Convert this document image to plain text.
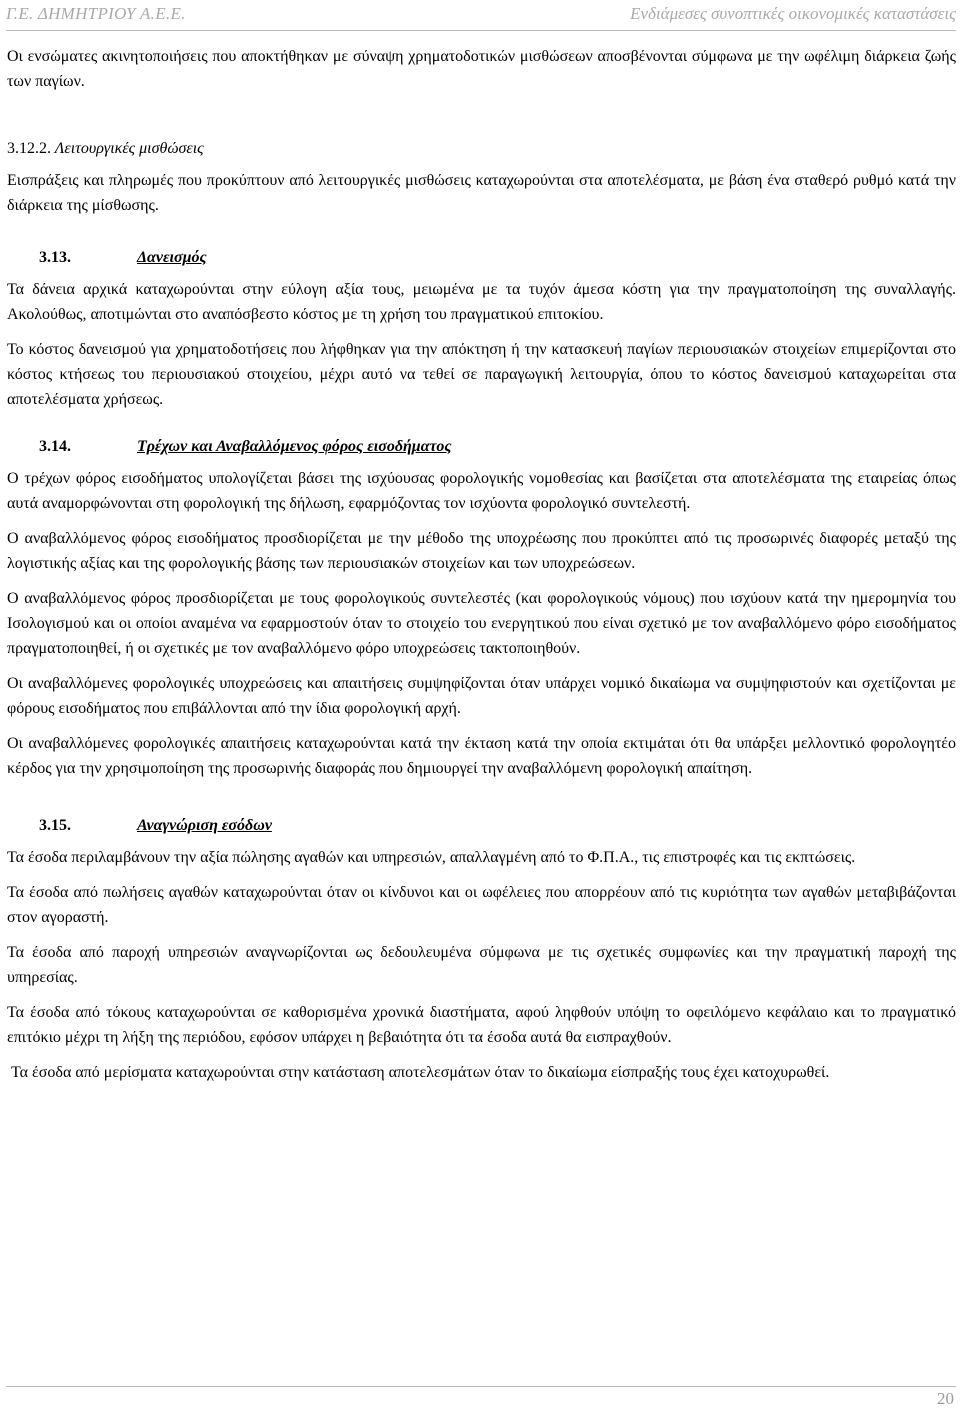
Γ.Ε. ΔΗΜΗΤΡΙΟΥ Α.Ε.Ε.	Ενδιάμεσες συνοπτικές οικονομικές καταστάσεις

Οι ενσώματες ακινητοποιήσεις που αποκτήθηκαν με σύναψη χρηματοδοτικών μισθώσεων αποσβένονται σύμφωνα με την ωφέλιμη διάρκεια ζωής των παγίων.

3.12.2. Λειτουργικές μισθώσεις

Εισπράξεις και πληρωμές που προκύπτουν από λειτουργικές μισθώσεις καταχωρούνται στα αποτελέσματα, με βάση ένα σταθερό ρυθμό κατά την διάρκεια της μίσθωσης.

3.13.	Δανεισμός

Τα δάνεια αρχικά καταχωρούνται στην εύλογη αξία τους, μειωμένα με τα τυχόν άμεσα κόστη για την πραγματοποίηση της συναλλαγής. Ακολούθως, αποτιμώνται στο αναπόσβεστο κόστος με τη χρήση του πραγματικού επιτοκίου.

Το κόστος δανεισμού για χρηματοδοτήσεις που λήφθηκαν για την απόκτηση ή την κατασκευή παγίων περιουσιακών στοιχείων επιμερίζονται στο κόστος κτήσεως του περιουσιακού στοιχείου, μέχρι αυτό να τεθεί σε παραγωγική λειτουργία, όπου το κόστος δανεισμού καταχωρείται στα αποτελέσματα χρήσεως.

3.14.	Τρέχων και Αναβαλλόμενος φόρος εισοδήματος

Ο τρέχων φόρος εισοδήματος υπολογίζεται βάσει της ισχύουσας φορολογικής νομοθεσίας και βασίζεται στα αποτελέσματα της εταιρείας όπως αυτά αναμορφώνονται στη φορολογική της δήλωση, εφαρμόζοντας τον ισχύοντα φορολογικό συντελεστή.

Ο αναβαλλόμενος φόρος εισοδήματος προσδιορίζεται με την μέθοδο της υποχρέωσης που προκύπτει από τις προσωρινές διαφορές μεταξύ της λογιστικής αξίας και της φορολογικής βάσης των περιουσιακών στοιχείων και των υποχρεώσεων.

Ο αναβαλλόμενος φόρος προσδιορίζεται με τους φορολογικούς συντελεστές (και φορολογικούς νόμους) που ισχύουν κατά την ημερομηνία του Ισολογισμού και οι οποίοι αναμένα να εφαρμοστούν όταν το στοιχείο του ενεργητικού που είναι σχετικό με τον αναβαλλόμενο φόρο εισοδήματος πραγματοποιηθεί, ή οι σχετικές με τον αναβαλλόμενο φόρο υποχρεώσεις τακτοποιηθούν.

Οι αναβαλλόμενες φορολογικές υποχρεώσεις και απαιτήσεις συμψηφίζονται όταν υπάρχει νομικό δικαίωμα να συμψηφιστούν και σχετίζονται με φόρους εισοδήματος που επιβάλλονται από την ίδια φορολογική αρχή.

Οι αναβαλλόμενες φορολογικές απαιτήσεις καταχωρούνται κατά την έκταση κατά την οποία εκτιμάται ότι θα υπάρξει μελλοντικό φορολογητέο κέρδος για την χρησιμοποίηση της προσωρινής διαφοράς που δημιουργεί την αναβαλλόμενη φορολογική απαίτηση.

3.15.	Αναγνώριση εσόδων

Τα έσοδα περιλαμβάνουν την αξία πώλησης αγαθών και υπηρεσιών, απαλλαγμένη από το Φ.Π.Α., τις επιστροφές και τις εκπτώσεις.

Τα έσοδα από πωλήσεις αγαθών καταχωρούνται όταν οι κίνδυνοι και οι ωφέλειες που απορρέουν από τις κυριότητα των αγαθών μεταβιβάζονται στον αγοραστή.

Τα έσοδα από παροχή υπηρεσιών αναγνωρίζονται ως δεδουλευμένα σύμφωνα με τις σχετικές συμφωνίες και την πραγματική παροχή της υπηρεσίας.

Τα έσοδα από τόκους καταχωρούνται σε καθορισμένα χρονικά διαστήματα, αφού ληφθούν υπόψη το οφειλόμενο κεφάλαιο και το πραγματικό επιτόκιο μέχρι τη λήξη της περιόδου, εφόσον υπάρχει η βεβαιότητα ότι τα έσοδα αυτά θα εισπραχθούν.

Τα έσοδα από μερίσματα καταχωρούνται στην κατάσταση αποτελεσμάτων όταν το δικαίωμα είσπραξής τους έχει κατοχυρωθεί.

20
